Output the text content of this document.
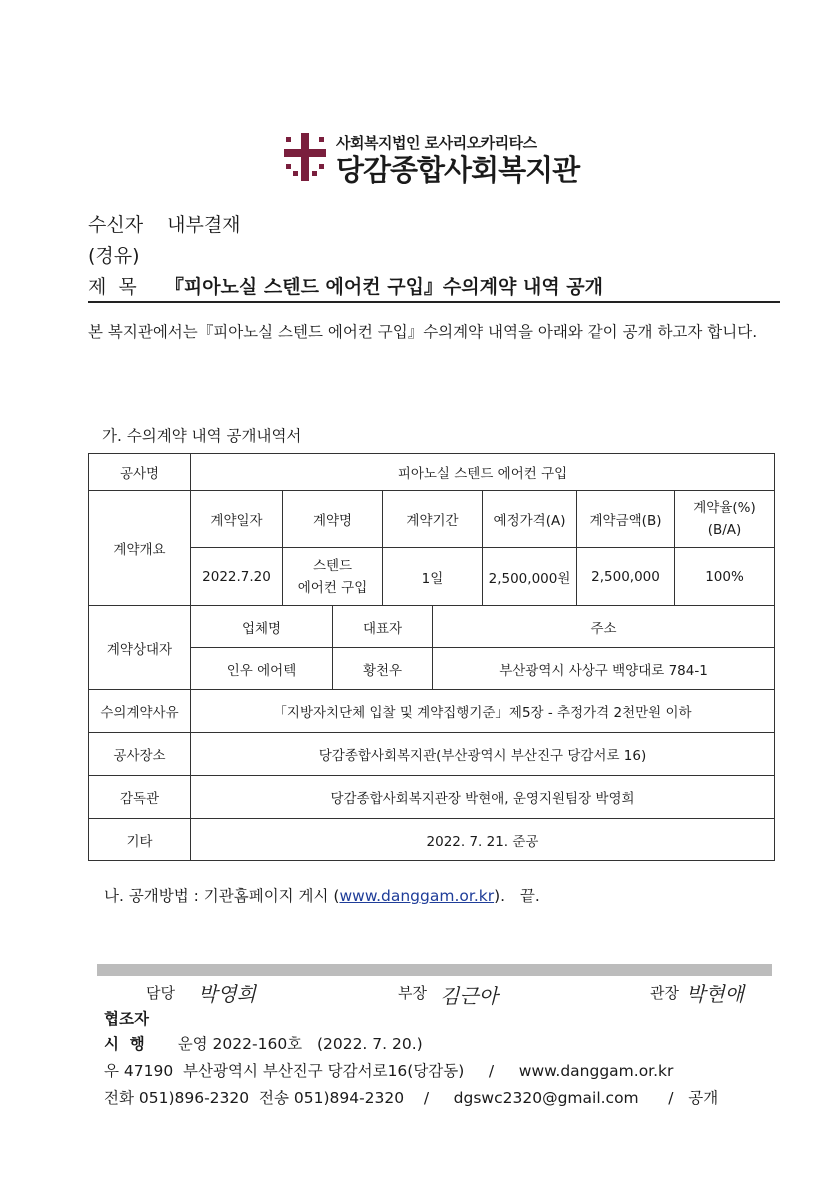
사회복지법인 로사리오카리타스
당감종합사회복지관
수신자 내부결재
(경유)
제  목 『피아노실 스텐드 에어컨 구입』수의계약 내역 공개
본 복지관에서는『피아노실 스텐드 에어컨 구입』수의계약 내역을 아래와 같이 공개 하고자 합니다.
가. 수의계약 내역 공개내역서
공사명	피아노실 스텐드 에어컨 구입							
계약개요	계약일자	계약명		계약기간		예정가격(A)	계약금액(B)	계약율(%)
(B/A)
	2022.7.20	스텐드
에어컨 구입		1일		2,500,000원	2,500,000	100%
계약상대자	업체명		대표자		주소			
	인우 에어텍		황천우		부산광역시 사상구 백양대로 784-1			
수의계약사유	「지방자치단체 입찰 및 계약집행기준」제5장 - 추정가격 2천만원 이하							
공사장소	당감종합사회복지관(부산광역시 부산진구 당감서로 16)							
감독관	당감종합사회복지관장 박현애, 운영지원팀장 박영희							
기타	2022. 7. 21. 준공							
나. 공개방법 : 기관홈페이지 게시 (www.danggam.or.kr).   끝.
담당 박영희	부장 김근아	관장 박현애
협조자
시  행 운영 2022-160호   (2022. 7. 20.)
우 47190  부산광역시 부산진구 당감서로16(당감동)     /     www.danggam.or.kr
전화 051)896-2320  전송 051)894-2320    /     dgswc2320@gmail.com      /   공개
